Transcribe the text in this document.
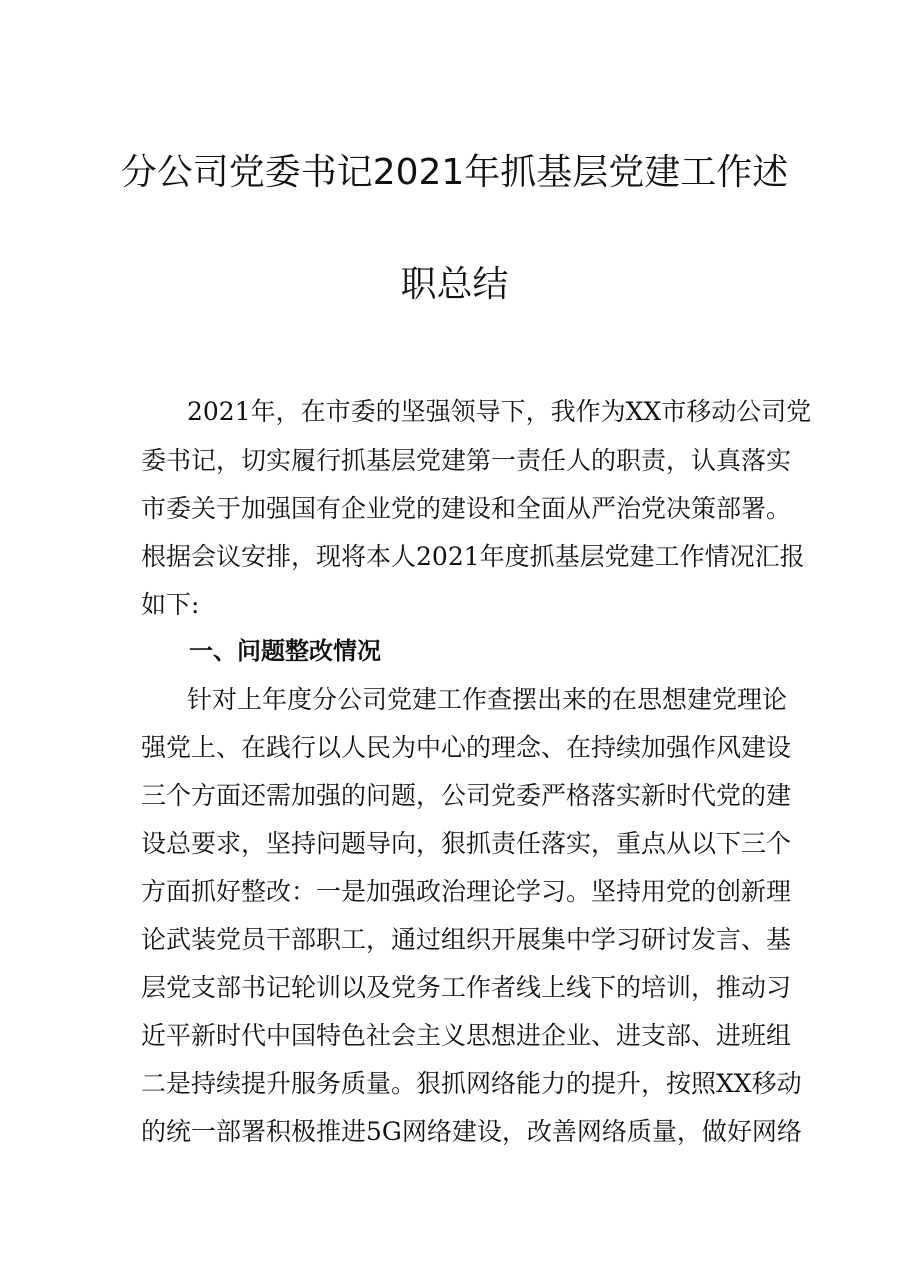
分公司党委书记2021年抓基层党建工作述
职总结
2021年，在市委的坚强领导下，我作为XX市移动公司党
委书记，切实履行抓基层党建第一责任人的职责，认真落实
市委关于加强国有企业党的建设和全面从严治党决策部署。
根据会议安排，现将本人2021年度抓基层党建工作情况汇报
如下:
一、问题整改情况
针对上年度分公司党建工作查摆出来的在思想建党理论
强党上、在践行以人民为中心的理念、在持续加强作风建设
三个方面还需加强的问题，公司党委严格落实新时代党的建
设总要求，坚持问题导向，狠抓责任落实，重点从以下三个
方面抓好整改：一是加强政治理论学习。坚持用党的创新理
论武装党员干部职工，通过组织开展集中学习研讨发言、基
层党支部书记轮训以及党务工作者线上线下的培训，推动习
近平新时代中国特色社会主义思想进企业、进支部、进班组
二是持续提升服务质量。狠抓网络能力的提升，按照XX移动
的统一部署积极推进5G网络建设，改善网络质量，做好网络
